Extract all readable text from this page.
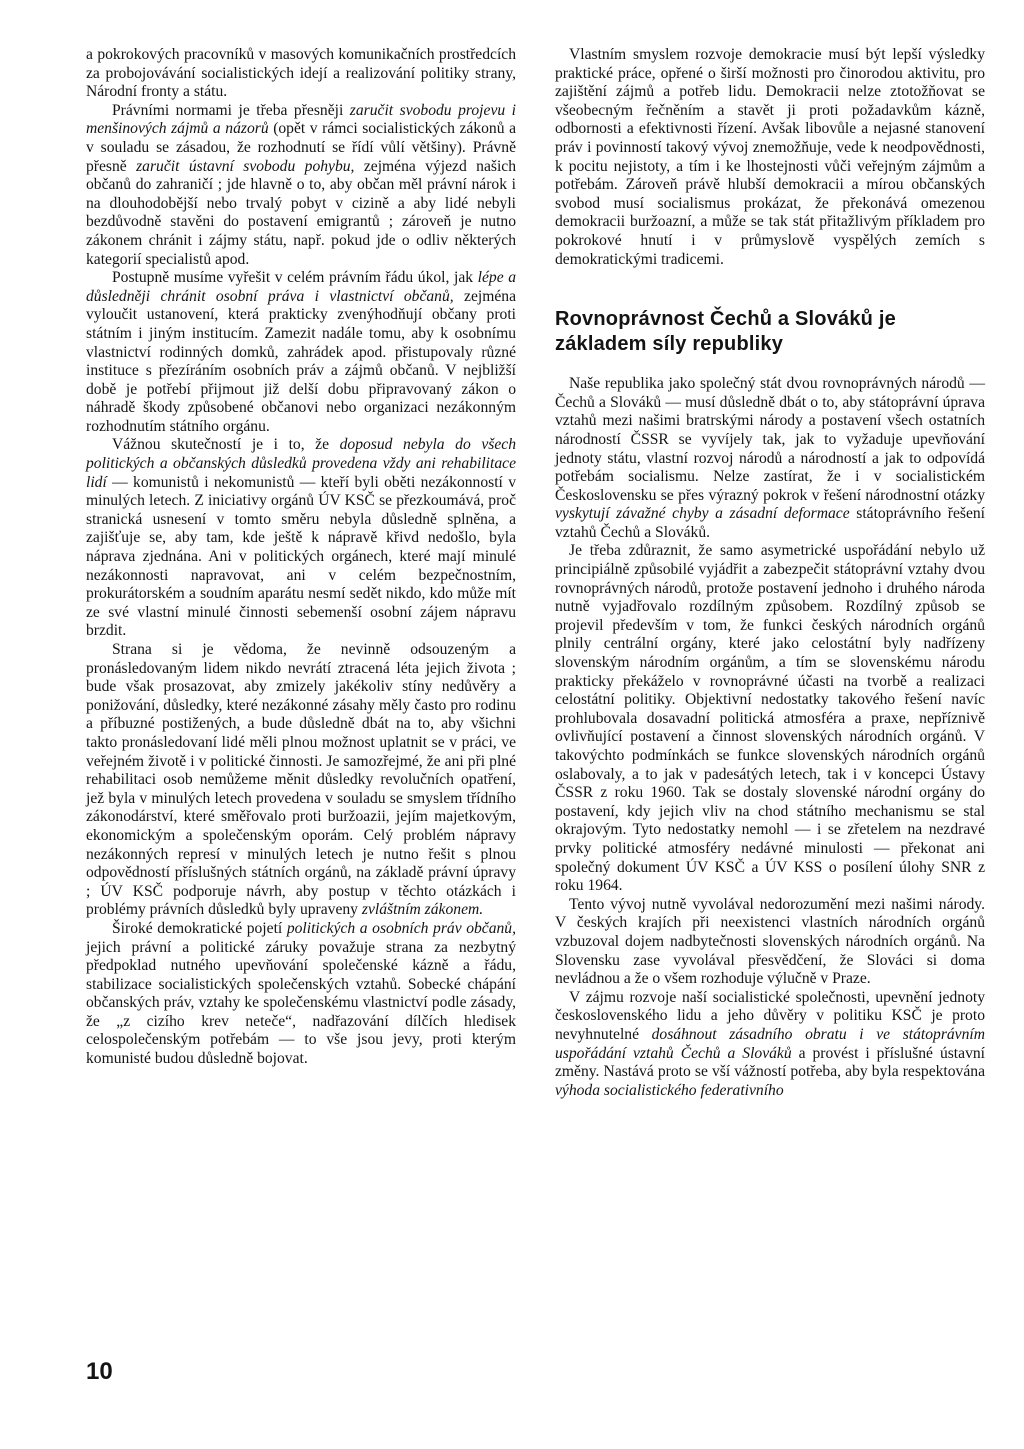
a pokrokových pracovníků v masových komunikačních prostředcích za probojovávání socialistických idejí a realizování politiky strany, Národní fronty a státu.

Právními normami je třeba přesněji zaručit svobodu projevu i menšinových zájmů a názorů (opět v rámci socialistických zákonů a v souladu se zásadou, že rozhodnutí se řídí vůlí většiny). Právně přesně zaručit ústavní svobodu pohybu, zejména výjezd našich občanů do zahraničí ; jde hlavně o to, aby občan měl právní nárok i na dlouhodobější nebo trvalý pobyt v cizině a aby lidé nebyli bezdůvodně stavěni do postavení emigrantů ; zároveň je nutno zákonem chránit i zájmy státu, např. pokud jde o odliv některých kategorií specialistů apod.

Postupně musíme vyřešit v celém právním řádu úkol, jak lépe a důsledněji chránit osobní práva i vlastnictví občanů, zejména vyloučit ustanovení, která prakticky zvenýhodňují občany proti státním i jiným institucím. Zamezit nadále tomu, aby k osobnímu vlastnictví rodinných domků, zahrádek apod. přistupovaly různé instituce s přezíráním osobních práv a zájmů občanů. V nejbližší době je potřebí přijmout již delší dobu připravovaný zákon o náhradě škody způsobené občanovi nebo organizaci nezákonným rozhodnutím státního orgánu.

Vážnou skutečností je i to, že doposud nebyla do všech politických a občanských důsledků provedena vždy ani rehabilitace lidí — komunistů i nekomunistů — kteří byli oběti nezákonností v minulých letech. Z iniciativy orgánů ÚV KSČ se přezkoumává, proč stranická usnesení v tomto směru nebyla důsledně splněna, a zajišťuje se, aby tam, kde ještě k nápravě křivd nedošlo, byla náprava zjednána. Ani v politických orgánech, které mají minulé nezákonnosti napravovat, ani v celém bezpečnostním, prokurátorském a soudním aparátu nesmí sedět nikdo, kdo může mít ze své vlastní minulé činnosti sebemenší osobní zájem nápravu brzdit.

Strana si je vědoma, že nevinně odsouzeným a pronásledovaným lidem nikdo nevrátí ztracená léta jejich života ; bude však prosazovat, aby zmizely jakékoliv stíny nedůvěry a ponižování, důsledky, které nezákonné zásahy měly často pro rodinu a příbuzné postižených, a bude důsledně dbát na to, aby všichni takto pronásledovaní lidé měli plnou možnost uplatnit se v práci, ve veřejném životě i v politické činnosti. Je samozřejmé, že ani při plné rehabilitaci osob nemůžeme měnit důsledky revolučních opatření, jež byla v minulých letech provedena v souladu se smyslem třídního zákonodárství, které směřovalo proti buržoazii, jejím majetkovým, ekonomickým a společenským oporám. Celý problém nápravy nezákonných represí v minulých letech je nutno řešit s plnou odpovědností příslušných státních orgánů, na základě právní úpravy ; ÚV KSČ podporuje návrh, aby postup v těchto otázkách i problémy právních důsledků byly upraveny zvláštním zákonem.

Široké demokratické pojetí politických a osobních práv občanů, jejich právní a politické záruky považuje strana za nezbytný předpoklad nutného upevňování společenské kázně a řádu, stabilizace socialistických společenských vztahů. Sobecké chápání občanských práv, vztahy ke společenskému vlastnictví podle zásady, že „z cizího krev neteče“, nadřazování dílčích hledisek celospolečenským potřebám — to vše jsou jevy, proti kterým komunisté budou důsledně bojovat.

Vlastním smyslem rozvoje demokracie musí být lepší výsledky praktické práce, opřené o širší možnosti pro činorodou aktivitu, pro zajištění zájmů a potřeb lidu. Demokracii nelze ztotožňovat se všeobecným řečněním a stavět ji proti požadavkům kázně, odbornosti a efektivnosti řízení. Avšak libovůle a nejasné stanovení práv i povinností takový vývoj znemožňuje, vede k neodpovědnosti, k pocitu nejistoty, a tím i ke lhostejnosti vůči veřejným zájmům a potřebám. Zároveň právě hlubší demokracii a mírou občanských svobod musí socialismus prokázat, že překonává omezenou demokracii buržoazní, a může se tak stát přitažlivým příkladem pro pokrokové hnutí i v průmyslově vyspělých zemích s demokratickými tradicemi.

Rovnoprávnost Čechů a Slováků je základem síly republiky

Naše republika jako společný stát dvou rovnoprávných národů — Čechů a Slováků — musí důsledně dbát o to, aby státoprávní úprava vztahů mezi našimi bratrskými národy a postavení všech ostatních národností ČSSR se vyvíjely tak, jak to vyžaduje upevňování jednoty státu, vlastní rozvoj národů a národností a jak to odpovídá potřebám socialismu. Nelze zastírat, že i v socialistickém Československu se přes výrazný pokrok v řešení národnostní otázky vyskytují závažné chyby a zásadní deformace státoprávního řešení vztahů Čechů a Slováků.

Je třeba zdůraznit, že samo asymetrické uspořádání nebylo už principiálně způsobilé vyjádřit a zabezpečit státoprávní vztahy dvou rovnoprávných národů, protože postavení jednoho i druhého národa nutně vyjadřovalo rozdílným způsobem. Rozdílný způsob se projevil především v tom, že funkci českých národních orgánů plnily centrální orgány, které jako celostátní byly nadřízeny slovenským národním orgánům, a tím se slovenskému národu prakticky překáželo v rovnoprávné účasti na tvorbě a realizaci celostátní politiky. Objektivní nedostatky takového řešení navíc prohlubovala dosavadní politická atmosféra a praxe, nepříznivě ovlivňující postavení a činnost slovenských národních orgánů. V takovýchto podmínkách se funkce slovenských národních orgánů oslabovaly, a to jak v padesátých letech, tak i v koncepci Ústavy ČSSR z roku 1960. Tak se dostaly slovenské národní orgány do postavení, kdy jejich vliv na chod státního mechanismu se stal okrajovým. Tyto nedostatky nemohl — i se zřetelem na nezdravé prvky politické atmosféry nedávné minulosti — překonat ani společný dokument ÚV KSČ a ÚV KSS o posílení úlohy SNR z roku 1964.

Tento vývoj nutně vyvolával nedorozumění mezi našimi národy. V českých krajích při neexistenci vlastních národních orgánů vzbuzoval dojem nadbytečnosti slovenských národních orgánů. Na Slovensku zase vyvolával přesvědčení, že Slováci si doma nevládnou a že o všem rozhoduje výlučně v Praze.

V zájmu rozvoje naší socialistické společnosti, upevnění jednoty československého lidu a jeho důvěry v politiku KSČ je proto nevyhnutelné dosáhnout zásadního obratu i ve státoprávním uspořádání vztahů Čechů a Slováků a provést i příslušné ústavní změny. Nastává proto se vší vážností potřeba, aby byla respektována výhoda socialistického federativního

10
